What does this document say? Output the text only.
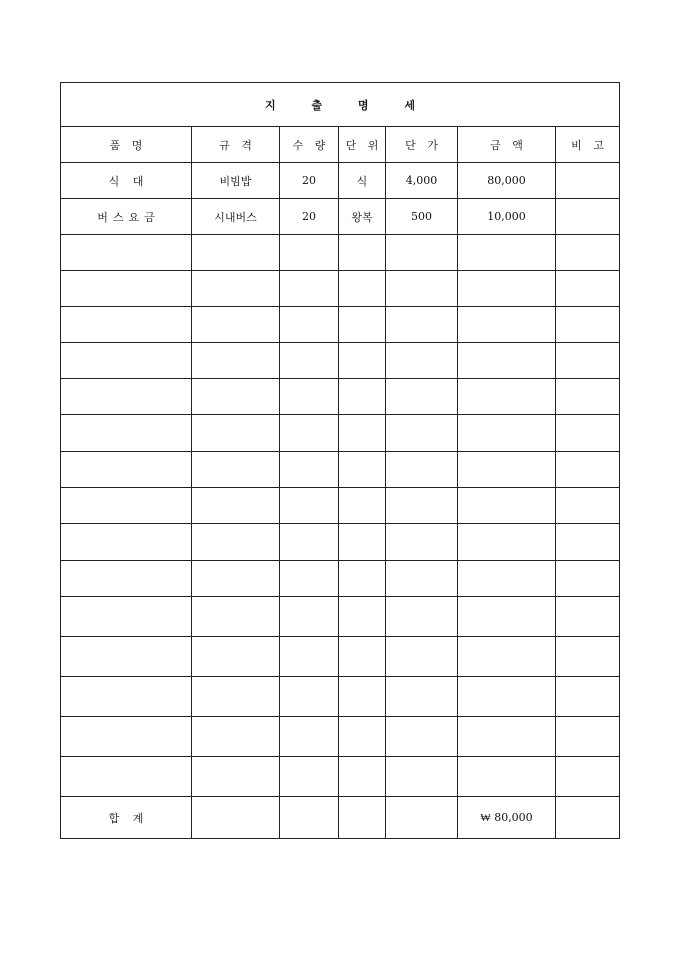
지 출 명 세						
품 명	규 격	수 량	단 위	단 가	금 액	비 고
식 대	비빔밥	20	식	4,000	80,000	
버스요금	시내버스	20	왕복	500	10,000	

합 계					₩ 80,000	
